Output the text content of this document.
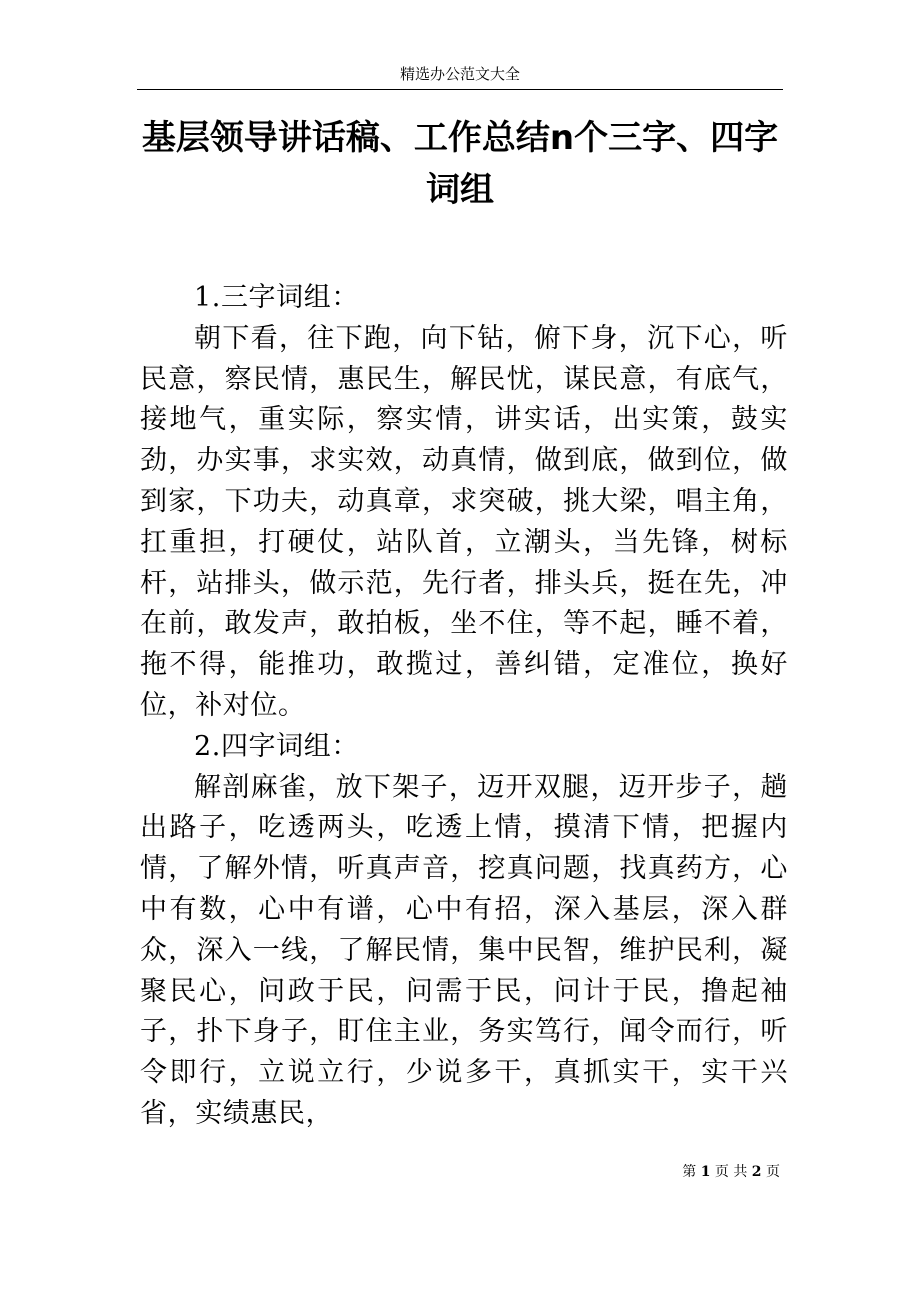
精选办公范文大全
基层领导讲话稿、工作总结n个三字、四字词组

1.三字词组：

朝下看，往下跑，向下钻，俯下身，沉下心，听民意，察民情，惠民生，解民忧，谋民意，有底气，接地气，重实际，察实情，讲实话，出实策，鼓实劲，办实事，求实效，动真情，做到底，做到位，做到家，下功夫，动真章，求突破，挑大梁，唱主角，扛重担，打硬仗，站队首，立潮头，当先锋，树标杆，站排头，做示范，先行者，排头兵，挺在先，冲在前，敢发声，敢拍板，坐不住，等不起，睡不着，拖不得，能推功，敢揽过，善纠错，定准位，换好位，补对位。

2.四字词组：

解剖麻雀，放下架子，迈开双腿，迈开步子，趟出路子，吃透两头，吃透上情，摸清下情，把握内情，了解外情，听真声音，挖真问题，找真药方，心中有数，心中有谱，心中有招，深入基层，深入群众，深入一线，了解民情，集中民智，维护民利，凝聚民心，问政于民，问需于民，问计于民，撸起袖子，扑下身子，盯住主业，务实笃行，闻令而行，听令即行，立说立行，少说多干，真抓实干，实干兴省，实绩惠民，

第 1 页 共 2 页
